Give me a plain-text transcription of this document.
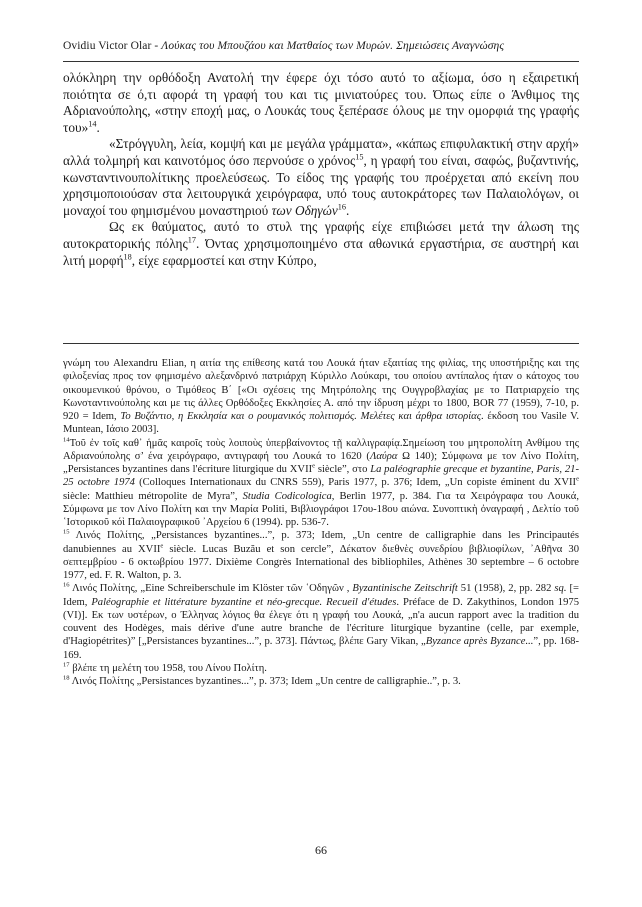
Ovidiu Victor Olar - Λούκας του Μπουζάου και Ματθαίος των Μυρών. Σημειώσεις Αναγνώσης

ολόκληρη την ορθόδοξη Ανατολή την έφερε όχι τόσο αυτό το αξίωμα, όσο η εξαιρετική ποιότητα σε ό,τι αφορά τη γραφή του και τις μινιατούρες του. Όπως είπε ο Άνθιμος της Αδριανούπολης, «στην εποχή μας, ο Λουκάς τους ξεπέρασε όλους με την ομορφιά της γραφής του»$^{14}$.

«Στρόγγυλη, λεία, κομψή και με μεγάλα γράμματα», «κάπως επιφυλακτική στην αρχή» αλλά τολμηρή και καινοτόμος όσο περνούσε ο χρόνος$^{15}$, η γραφή του είναι, σαφώς, βυζαντινής, κωνσταντινουπολίτικης προελεύσεως. Το είδος της γραφής του προέρχεται από εκείνη που χρησιμοποιούσαν στα λειτουργικά χειρόγραφα, υπό τους αυτοκράτορες των Παλαιολόγων, οι μοναχοί του φημισμένου μοναστηριού των Οδηγών$^{16}$.

Ως εκ θαύματος, αυτό το στυλ της γραφής είχε επιβιώσει μετά την άλωση της αυτοκρατορικής πόλης$^{17}$. Όντας χρησιμοποιημένο στα αθωνικά εργαστήρια, σε αυστηρή και λιτή μορφή$^{18}$, είχε εφαρμοστεί και στην Κύπρο,

γνώμη του Alexandru Elian, η αιτία της επίθεσης κατά του Λουκά ήταν εξαιτίας της φιλίας, της υποστήριξης και της φιλοξενίας προς τον φημισμένο αλεξανδρινό πατριάρχη Κύριλλο Λούκαρι, του οποίου αντίπαλος ήταν ο κάτοχος του οικουμενικού θρόνου, ο Τιμόθεος Β΄ [«Οι σχέσεις της Μητρόπολης της Ουγγροβλαχίας με το Πατριαρχείο της Κωνσταντινούπολης και με τις άλλες Ορθόδοξες Εκκλησίες Α. από την ίδρυση μέχρι το 1800, BOR 77 (1959), 7-10, p. 920 = Idem, Το Βυζάντιο, η Εκκλησία και ο ρουμανικός πολιτισμός. Μελέτες και άρθρα ιστορίας. έκδοση του Vasile V. Muntean, Ιάσιο 2003].

$^{14}$Τοῦ ἐν τοῖς καθ᾿ ἡμᾶς καιροῖς τοὺς λοιποὺς ὑπερβαίνοντος τῇ καλλιγραφίᾳ.Σημείωση του μητροπολίτη Ανθίμου της Αδριανούπολης σ’ ένα χειρόγραφο, αντιγραφή του Λουκά το 1620 (Λαύρα Ω 140); Σύμφωνα με τον Λίνο Πολίτη, „Persistances byzantines dans l'écriture liturgique du XVIIe siècle”, στο La paléographie grecque et byzantine, Paris, 21-25 octobre 1974 (Colloques Internationaux du CNRS 559), Paris 1977, p. 376; Idem, „Un copiste éminent du XVIIe siècle: Matthieu métropolite de Myra”, Studia Codicologica, Berlin 1977, p. 384. Για τα Χειρόγραφα του Λουκά, Σύμφωνα με τον Λίνο Πολίτη και την Μαρία Politi, Βιβλιογράφοι 17ου-18ου αιώνα. Συνοπτικὴ ὀναγραφή , Δελτίο τοῦ ῾Ιστορικοῦ κόὶ Παλαιογραφικοῦ ᾿Αρχείου 6 (1994). pp. 536-7.

$^{15}$ Λινός Πολίτης, „Persistances byzantines...”, p. 373; Idem, „Un centre de calligraphie dans les Principautés danubiennes au XVIIe siècle. Lucas Buzău et son cercle”, Δέκατον διεθνὲς συνεδρίου βιβλιοφίλων, ᾿Αθῆνα 30 σεπτεμβρίου - 6 οκτωβρίου 1977. Dixième Congrès International des bibliophiles, Athènes 30 septembre – 6 octobre 1977, ed. F. R. Walton, p. 3.

$^{16}$ Λινός Πολίτης, „Eine Schreiberschule im Klöster τῶν ῾Οδηγῶν , Byzantinische Zeitschrift 51 (1958), 2, pp. 282 sq. [= Idem, Paléographie et littérature byzantine et néo-grecque. Recueil d'études. Préface de D. Zakythinos, London 1975 (VI)]. Εκ των υστέρων, ο Έλληνας λόγιος θα έλεγε ότι η γραφή του Λουκά, „n'a aucun rapport avec la tradition du couvent des Hodèges, mais dérive d'une autre branche de l'écriture liturgique byzantine (celle, par exemple, d'Hagiopétrites)” [„Persistances byzantines...”, p. 373]. Πάντως, βλέπε Gary Vikan, „Byzance après Byzance...”, pp. 168-169.

$^{17}$ βλέπε τη μελέτη του 1958, του Λίνου Πολίτη.

$^{18}$ Λινός Πολίτης „Persistances byzantines...”, p. 373; Idem „Un centre de calligraphie..”, p. 3.

66
